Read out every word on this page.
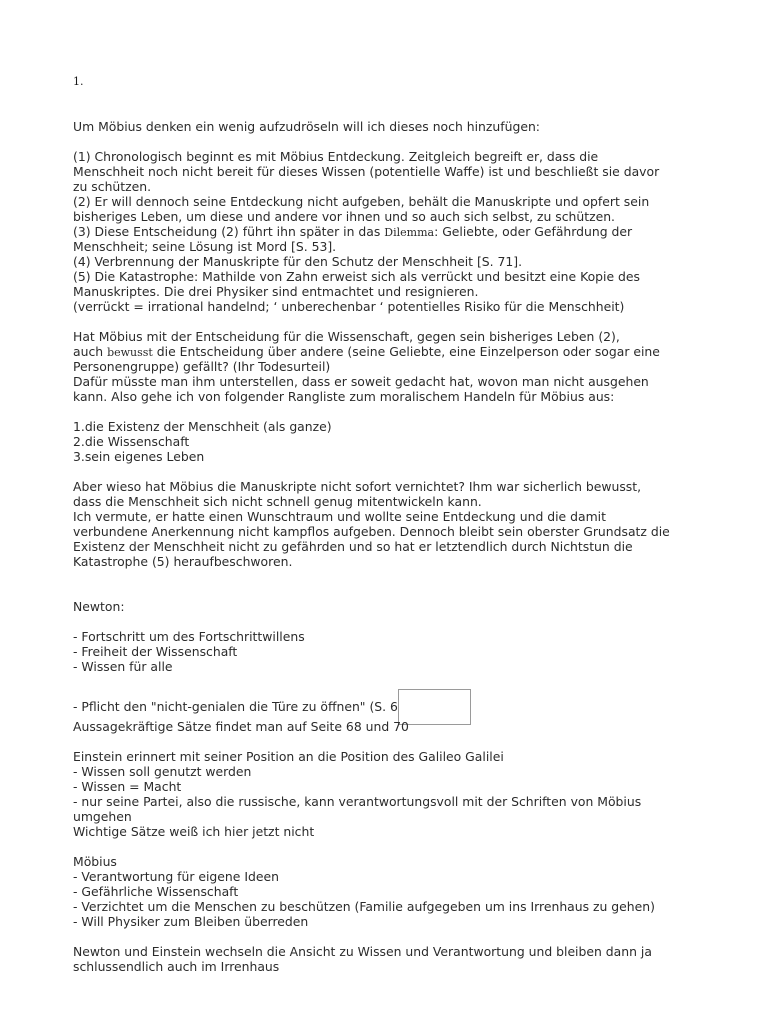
1.
Um Möbius denken ein wenig aufzudröseln will ich dieses noch hinzufügen:
(1) Chronologisch beginnt es mit Möbius Entdeckung. Zeitgleich begreift er, dass die
Menschheit noch nicht bereit für dieses Wissen (potentielle Waffe) ist und beschließt sie davor
zu schützen.
(2) Er will dennoch seine Entdeckung nicht aufgeben, behält die Manuskripte und opfert sein
bisheriges Leben, um diese und andere vor ihnen und so auch sich selbst, zu schützen.
(3) Diese Entscheidung (2) führt ihn später in das Dilemma: Geliebte, oder Gefährdung der
Menschheit; seine Lösung ist Mord [S. 53].
(4) Verbrennung der Manuskripte für den Schutz der Menschheit [S. 71].
(5) Die Katastrophe: Mathilde von Zahn erweist sich als verrückt und besitzt eine Kopie des
Manuskriptes. Die drei Physiker sind entmachtet und resignieren.
(verrückt = irrational handelnd; ‘ unberechenbar ‘ potentielles Risiko für die Menschheit)
Hat Möbius mit der Entscheidung für die Wissenschaft, gegen sein bisheriges Leben (2),
auch bewusst die Entscheidung über andere (seine Geliebte, eine Einzelperson oder sogar eine
Personengruppe) gefällt? (Ihr Todesurteil)
Dafür müsste man ihm unterstellen, dass er soweit gedacht hat, wovon man nicht ausgehen
kann. Also gehe ich von folgender Rangliste zum moralischem Handeln für Möbius aus:
1.die Existenz der Menschheit (als ganze)
2.die Wissenschaft
3.sein eigenes Leben
Aber wieso hat Möbius die Manuskripte nicht sofort vernichtet? Ihm war sicherlich bewusst,
dass die Menschheit sich nicht schnell genug mitentwickeln kann.
Ich vermute, er hatte einen Wunschtraum und wollte seine Entdeckung und die damit
verbundene Anerkennung nicht kampflos aufgeben. Dennoch bleibt sein oberster Grundsatz die
Existenz der Menschheit nicht zu gefährden und so hat er letztendlich durch Nichtstun die
Katastrophe (5) heraufbeschworen.
Newton:
- Fortschritt um des Fortschrittwillens
- Freiheit der Wissenschaft
- Wissen für alle
- Pflicht den "nicht-genialen die Türe zu öffnen" (S. 6
Aussagekräftige Sätze findet man auf Seite 68 und 70
Einstein erinnert mit seiner Position an die Position des Galileo Galilei
- Wissen soll genutzt werden
- Wissen = Macht
- nur seine Partei, also die russische, kann verantwortungsvoll mit der Schriften von Möbius
umgehen
Wichtige Sätze weiß ich hier jetzt nicht
Möbius
- Verantwortung für eigene Ideen
- Gefährliche Wissenschaft
- Verzichtet um die Menschen zu beschützen (Familie aufgegeben um ins Irrenhaus zu gehen)
- Will Physiker zum Bleiben überreden
Newton und Einstein wechseln die Ansicht zu Wissen und Verantwortung und bleiben dann ja
schlussendlich auch im Irrenhaus
